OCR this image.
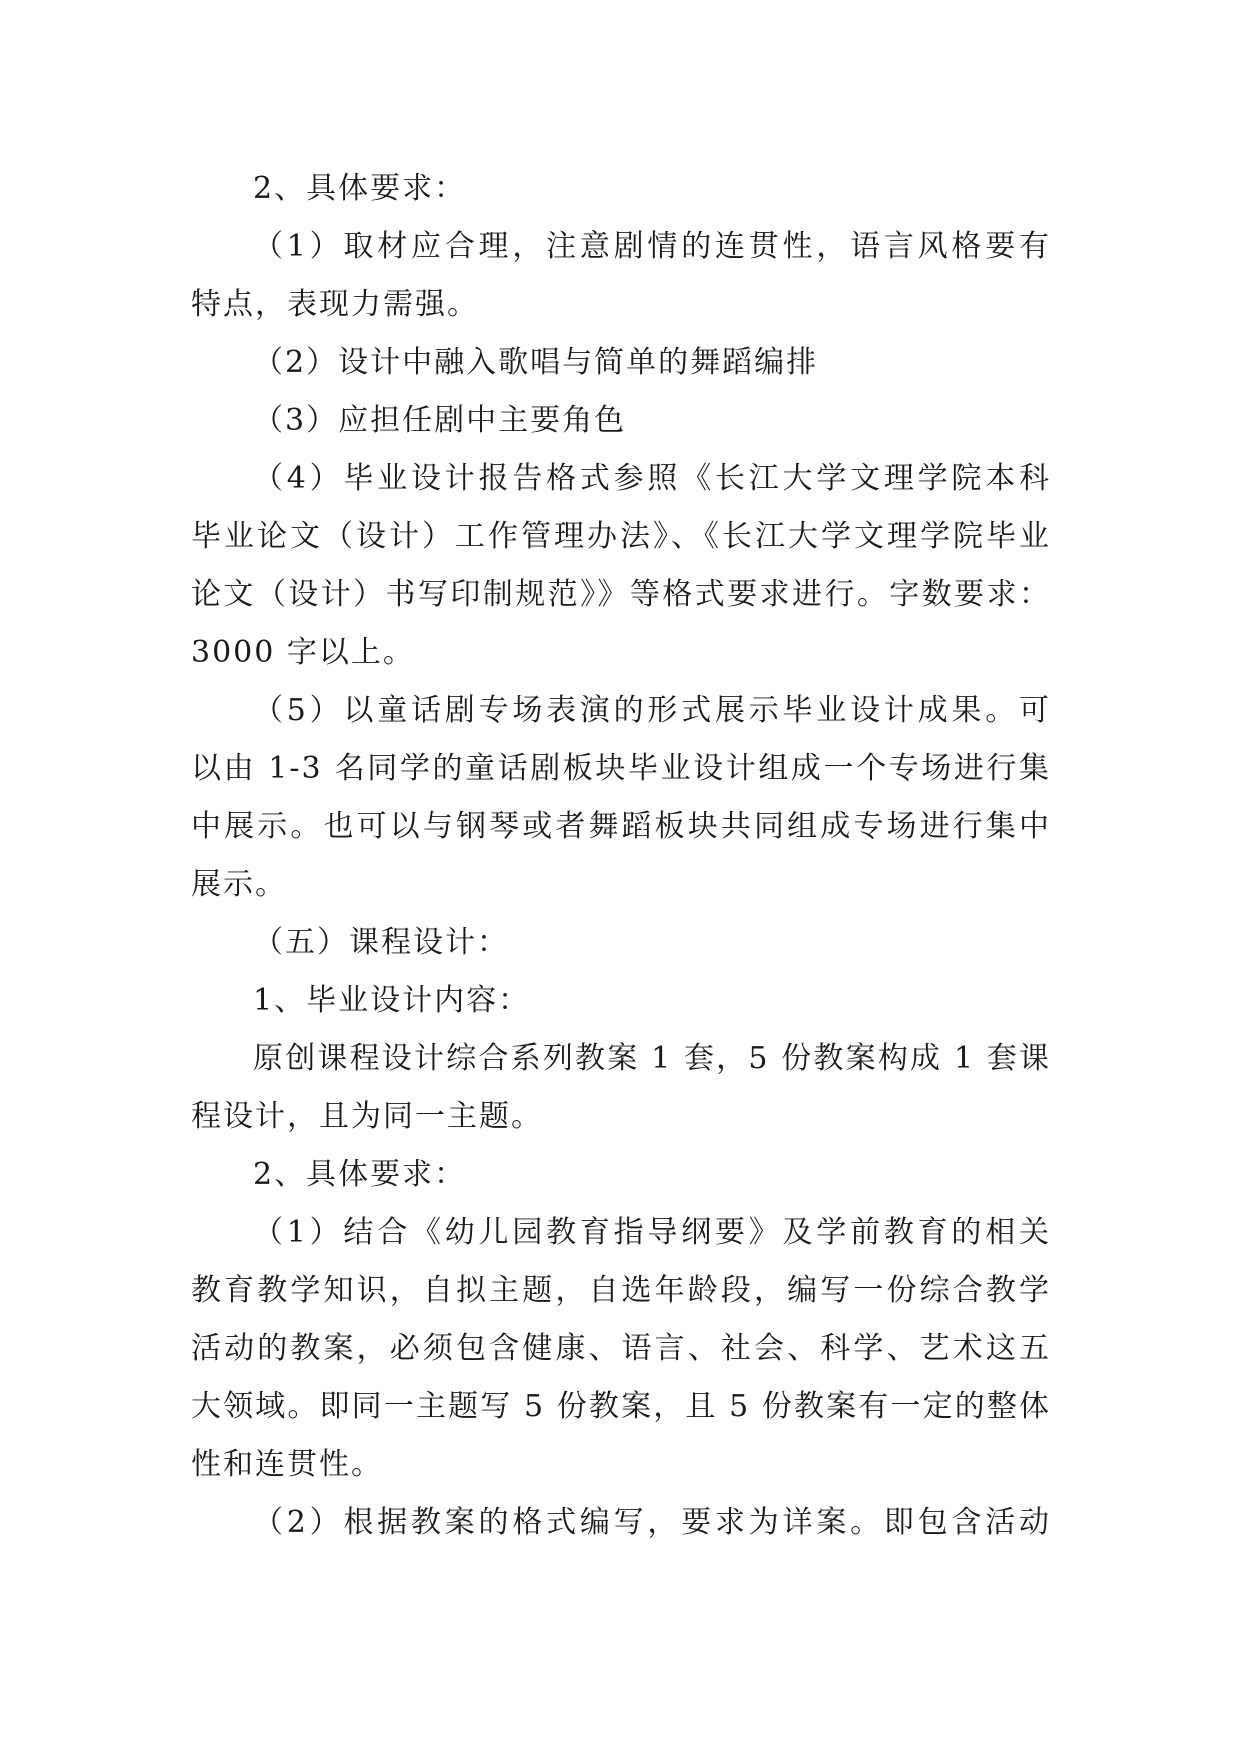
2、具体要求：
（1）取材应合理，注意剧情的连贯性，语言风格要有
特点，表现力需强。
（2）设计中融入歌唱与简单的舞蹈编排
（3）应担任剧中主要角色
（4）毕业设计报告格式参照《长江大学文理学院本科
毕业论文（设计）工作管理办法》、《长江大学文理学院毕业
论文（设计）书写印制规范》》等格式要求进行。字数要求：
3000 字以上。
（5）以童话剧专场表演的形式展示毕业设计成果。可
以由 1-3 名同学的童话剧板块毕业设计组成一个专场进行集
中展示。也可以与钢琴或者舞蹈板块共同组成专场进行集中
展示。
（五）课程设计：
1、毕业设计内容：
原创课程设计综合系列教案 1 套，5 份教案构成 1 套课
程设计，且为同一主题。
2、具体要求：
（1）结合《幼儿园教育指导纲要》及学前教育的相关
教育教学知识，自拟主题，自选年龄段，编写一份综合教学
活动的教案，必须包含健康、语言、社会、科学、艺术这五
大领域。即同一主题写 5 份教案，且 5 份教案有一定的整体
性和连贯性。
（2）根据教案的格式编写，要求为详案。即包含活动
